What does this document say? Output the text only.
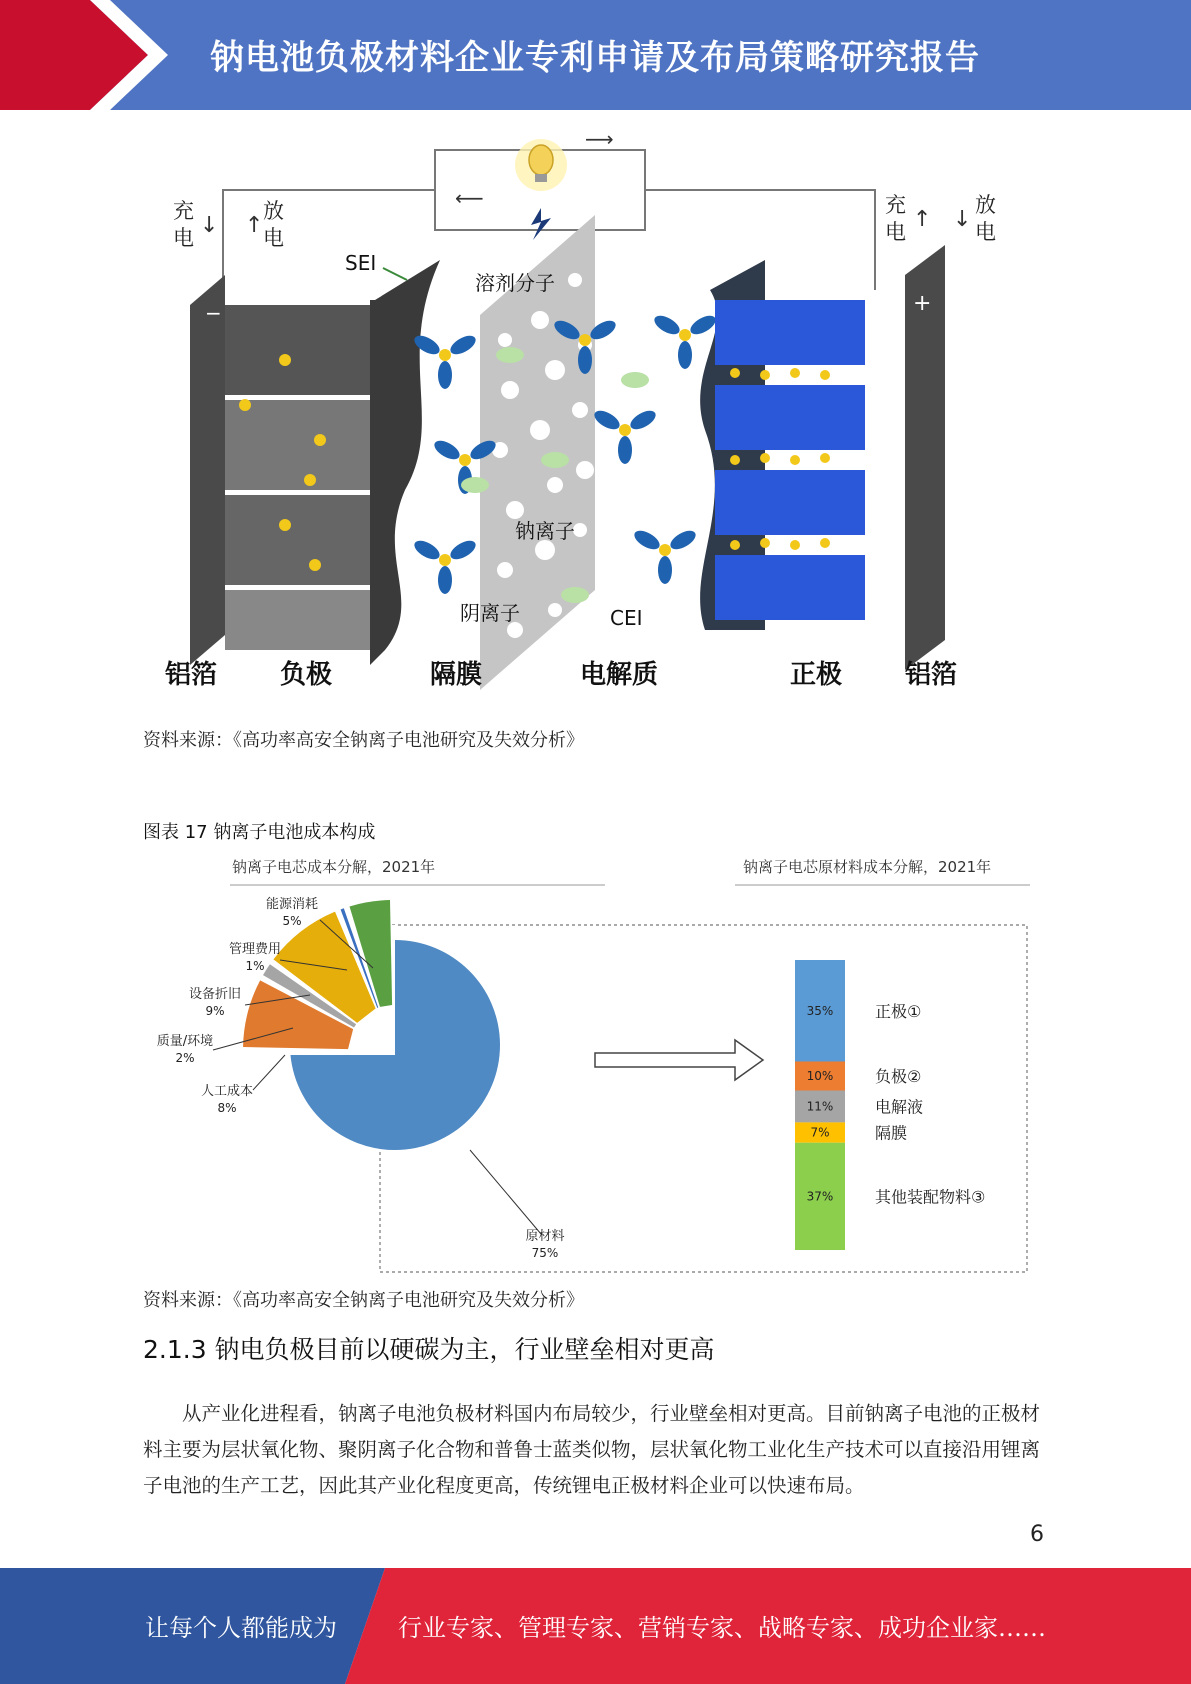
钠电池负极材料企业专利申请及布局策略研究报告
⟶
⟵
充电 ↓ ↑
放电
充电 ↑ ↓
放电
−
SEI
溶剂分子
钠离子
阴离子	CEI
+
铝箔 负极	隔膜	电解质	正极 铝箔
资料来源：《高功率高安全钠离子电池研究及失效分析》
图表 17 钠离子电池成本构成
钠离子电芯成本分解，2021年	钠离子电芯原材料成本分解，2021年
原材料
75%
人工成本
8%
质量/环境
2%
设备折旧
9%
管理费用
1%
能源消耗
5%
35%
10%
11%
7%
37%
正极①
负极②
电解液
隔膜
其他装配物料③
资料来源：《高功率高安全钠离子电池研究及失效分析》
2.1.3 钠电负极目前以硬碳为主，行业壁垒相对更高

从产业化进程看，钠离子电池负极材料国内布局较少，行业壁垒相对更高。目前钠离子电池的正极材料主要为层状氧化物、聚阴离子化合物和普鲁士蓝类似物，层状氧化物工业化生产技术可以直接沿用锂离子电池的生产工艺，因此其产业化程度更高，传统锂电正极材料企业可以快速布局。

6
让每个人都能成为	行业专家、管理专家、营销专家、战略专家、成功企业家……
